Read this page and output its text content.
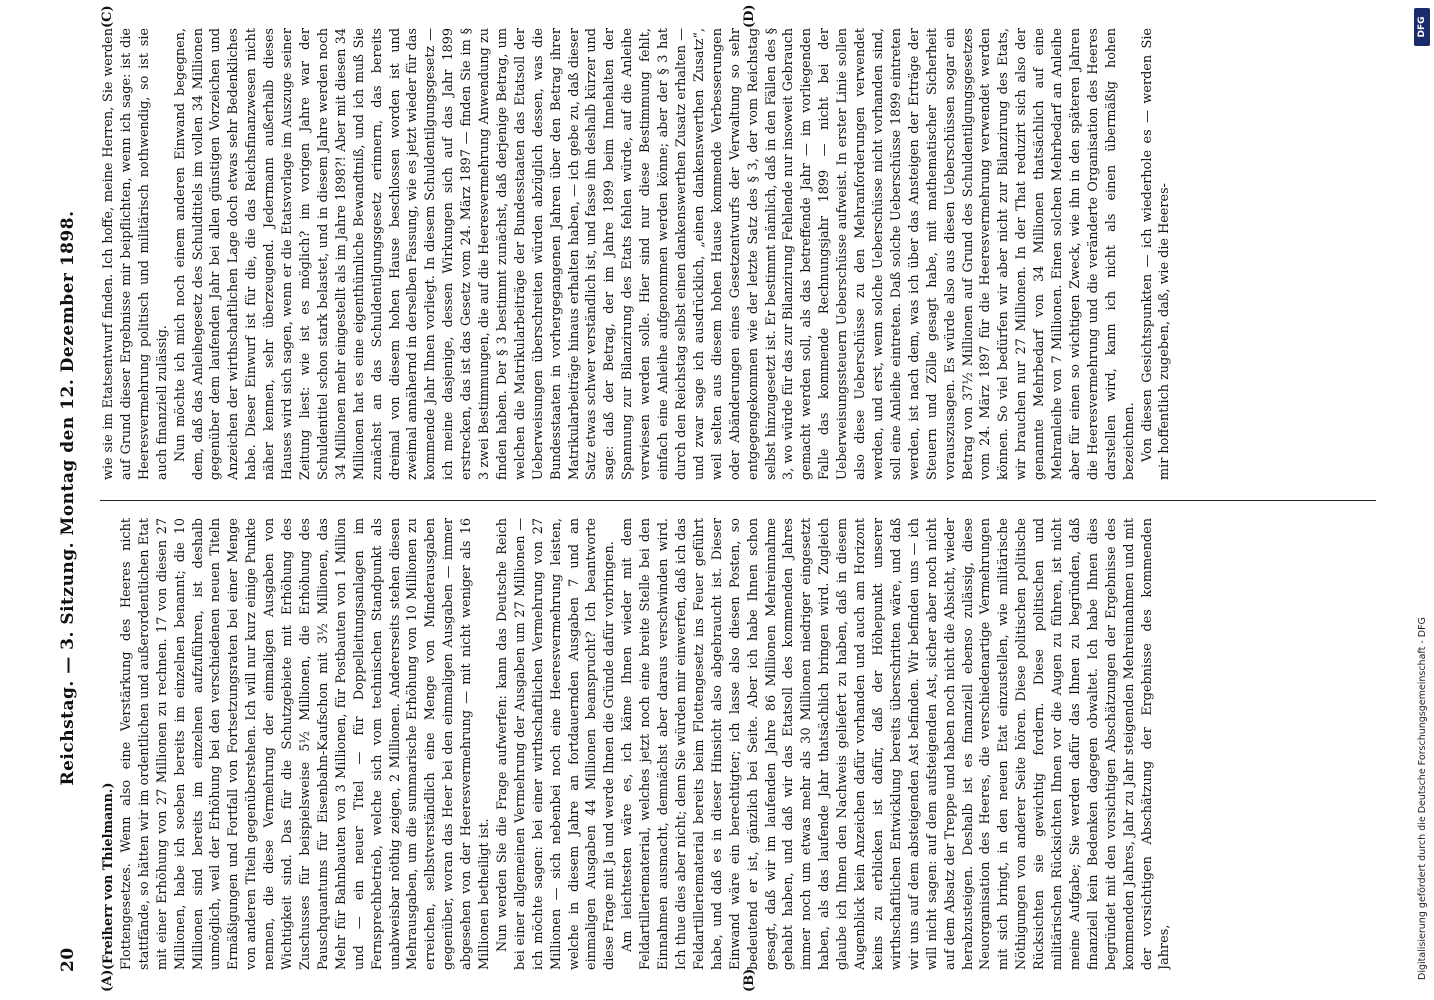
20
Reichstag. — 3. Sitzung. Montag den 12. Dezember 1898.
(A)	(B)
(C)	(D)

(Freiherr von Thielmann.) Flottengesetzes. Wenn also eine Verstärkung des Heeres nicht stattfände, so hätten wir im ordentlichen und außerordentlichen Etat mit einer Erhöhung von 27 Millionen zu rechnen. 17 von diesen 27 Millionen, habe ich soeben bereits im einzelnen benannt; die 10 Millionen sind bereits im einzelnen aufzuführen, ist deshalb unmöglich, weil der Erhöhung bei den verschiedenen neuen Titeln Ermäßigungen und Fortfall von Fortsetzungsraten bei einer Menge von anderen Titeln gegenüberstehen. Ich will nur kurz einige Punkte nennen, die diese Vermehrung der einmaligen Ausgaben von Wichtigkeit sind. Das für die Schutzgebiete mit Erhöhung des Zuschusses für beispielsweise 5½ Millionen, die Erhöhung des Pauschquantums für Eisenbahn-Kaufschon mit 3½ Millionen, das Mehr für Bahnbauten von 3 Millionen, für Postbauten von 1 Million und — ein neuer Titel — für Doppelleitungsanlagen im Fernsprechbetrieb, welche sich vom technischen Standpunkt als unabweisbar nöthig zeigen, 2 Millionen. Andererseits stehen diesen Mehrausgaben, um die summarische Erhöhung von 10 Millionen zu erreichen, selbstverständlich eine Menge von Minderausgaben gegenüber, woran das Heer bei den einmaligen Ausgaben — immer abgesehen von der Heeresvermehrung — mit nicht weniger als 16 Millionen betheiligt ist. Nun werden Sie die Frage aufwerfen: kann das Deutsche Reich bei einer allgemeinen Vermehrung der Ausgaben um 27 Millionen — ich möchte sagen: bei einer wirthschaftlichen Vermehrung von 27 Millionen — sich nebenbei noch eine Heeresvermehrung leisten, welche in diesem Jahre an fortdauernden Ausgaben 7 und an einmaligen Ausgaben 44 Millionen beansprucht? Ich beantworte diese Frage mit Ja und werde Ihnen die Gründe dafür vorbringen. Am leichtesten wäre es, ich käme Ihnen wieder mit dem Feldartilleriematerial, welches jetzt noch eine breite Stelle bei den Einnahmen ausmacht, demnächst aber daraus verschwinden wird. Ich thue dies aber nicht; denn Sie würden mir einwerfen, daß ich das Feldartilleriematerial bereits beim Flottengesetz ins Feuer geführt habe, und daß es in dieser Hinsicht also abgebraucht ist. Dieser Einwand wäre ein berechtigter; ich lasse also diesen Posten, so bedeutend er ist, gänzlich bei Seite. Aber ich habe Ihnen schon gesagt, daß wir im laufenden Jahre 86 Millionen Mehreinnahme gehabt haben, und daß wir das Etatsoll des kommenden Jahres immer noch um etwas mehr als 30 Millionen niedriger eingesetzt haben, als das laufende Jahr thatsächlich bringen wird. Zugleich glaube ich Ihnen den Nachweis geliefert zu haben, daß in diesem Augenblick kein Anzeichen dafür vorhanden und auch am Horizont keins zu erblicken ist dafür, daß der Höhepunkt unserer wirthschaftlichen Entwicklung bereits überschritten wäre, und daß wir uns auf dem absteigenden Ast befinden. Wir befinden uns — ich will nicht sagen: auf dem aufsteigenden Ast, sicher aber noch nicht auf dem Absatz der Treppe und haben noch nicht die Absicht, wieder herabzusteigen. Deshalb ist es finanziell ebenso zulässig, diese Neuorganisation des Heeres, die verschiedenartige Vermehrungen mit sich bringt, in den neuen Etat einzustellen, wie militärische Nöthigungen von anderer Seite hören. Diese politischen politische Rücksichten sie gewichtig fordern. Diese politischen und militärischen Rücksichten Ihnen vor die Augen zu führen, ist nicht meine Aufgabe; Sie werden dafür das Ihnen zu begründen, daß finanziell kein Bedenken dagegen obwaltet. Ich habe Ihnen dies begründet mit den vorsichtigen Abschätzungen der Ergebnisse des kommenden Jahres, Jahr zu Jahr steigenden Mehreinnahmen und mit der vorsichtigen Abschätzung der Ergebnisse des kommenden Jahres,

wie sie im Etatsentwurf finden. Ich hoffe, meine Herren, Sie werden auf Grund dieser Ergebnisse mir beipflichten, wenn ich sage: ist die Heeresvermehrung politisch und militärisch nothwendig, so ist sie auch finanziell zulässig. Nun möchte ich mich noch einem anderen Einwand begegnen, dem, daß das Anleihegesetz des Schuldtitels im vollen 34 Millionen gegenüber dem laufenden Jahr bei allen günstigen Vorzeichen und Anzeichen der wirthschaftlichen Lage doch etwas sehr Bedenkliches habe. Dieser Einwurf ist für die, die das Reichsfinanzwesen nicht näher kennen, sehr überzeugend. Jedermann außerhalb dieses Hauses wird sich sagen, wenn er die Etatsvorlage im Auszuge seiner Zeitung liest: wie ist es möglich? im vorigen Jahre war der Schuldentitel schon stark belastet, und in diesem Jahre werden noch 34 Millionen mehr eingestellt als im Jahre 1898?! Aber mit diesen 34 Millionen hat es eine eigenthümliche Bewandtniß, und ich muß Sie zunächst an das Schuldentilgungsgesetz erinnern, das bereits dreimal von diesem hohen Hause beschlossen worden ist und zweimal annähernd in derselben Fassung, wie es jetzt wieder für das kommende Jahr Ihnen vorliegt. In diesem Schuldentilgungsgesetz — ich meine dasjenige, dessen Wirkungen sich auf das Jahr 1899 erstrecken, das ist das Gesetz vom 24. März 1897 — finden Sie im § 3 zwei Bestimmungen, die auf die Heeresvermehrung Anwendung zu finden haben. Der § 3 bestimmt zunächst, daß derjenige Betrag, um welchen die Matrikularbeiträge der Bundesstaaten das Etatsoll der Ueberweisungen überschreiten würden abzüglich dessen, was die Bundesstaaten in vorhergegangenen Jahren über den Betrag ihrer Matrikularbeiträge hinaus erhalten haben, — ich gebe zu, daß dieser Satz etwas schwer verständlich ist, und fasse ihn deshalb kürzer und sage: daß der Betrag, der im Jahre 1899 beim Innehalten der Spannung zur Bilanzirung des Etats fehlen würde, auf die Anleihe verwiesen werden solle. Hier sind nur diese Bestimmung fehlt, einfach eine Anleihe aufgenommen werden könne; aber der § 3 hat durch den Reichstag selbst einen dankenswerthen Zusatz erhalten — und zwar sage ich ausdrücklich, „einen dankenswerthen Zusatz“, weil selten aus diesem hohen Hause kommende Verbesserungen oder Abänderungen eines Gesetzentwurfs der Verwaltung so sehr entgegengekommen wie der letzte Satz des § 3, der vom Reichstag selbst hinzugesetzt ist. Er bestimmt nämlich, daß in den Fällen des § 3, wo würde für das zur Bilanzirung Fehlende nur insoweit Gebrauch gemacht werden soll, als das betreffende Jahr — im vorliegenden Falle das kommende Rechnungsjahr 1899 — nicht bei der Ueberweisungssteuern Ueberschüsse aufweist. In erster Linie sollen also diese Ueberschüsse zu den Mehranforderungen verwendet werden, und erst, wenn solche Ueberschüsse nicht vorhanden sind, soll eine Anleihe eintreten. Daß solche Ueberschüsse 1899 eintreten werden, ist nach dem, was ich über das Ansteigen der Erträge der Steuern und Zölle gesagt habe, mit mathematischer Sicherheit vorauszusagen. Es würde also aus diesen Ueberschüssen sogar ein Betrag von 37½ Millionen auf Grund des Schuldentilgungsgesetzes vom 24. März 1897 für die Heeresvermehrung verwendet werden können. So viel bedürfen wir aber nicht zur Bilanzirung des Etats, wir brauchen nur 27 Millionen. In der That reduzirt sich also der genannte Mehrbedarf von 34 Millionen thatsächlich auf eine Mehranleihe von 7 Millionen. Einen solchen Mehrbedarf an Anleihe aber für einen so wichtigen Zweck, wie ihn in den späteren Jahren die Heeresvermehrung und die veränderte Organisation des Heeres darstellen wird, kann ich nicht als einen übermäßig hohen bezeichnen. Von diesen Gesichtspunkten — ich wiederhole es — werden Sie mir hoffentlich zugeben, daß, wie die Heeres-

DFG
Digitalisierung gefördert durch die Deutsche Forschungsgemeinschaft - DFG
